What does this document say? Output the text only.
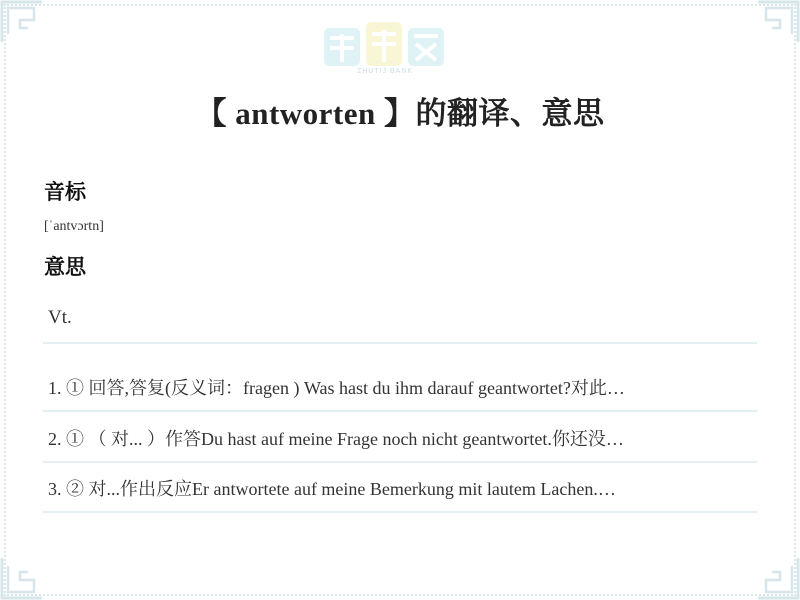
ZHUTIJ BANK
【 antworten 】的翻译、意思
音标
[ˈantvɔrtn]
意思
Vt.
1. ① 回答,答复(反义词：fragen ) Was hast du ihm darauf geantwortet?对此…
2. ① （ 对... ）作答Du hast auf meine Frage noch nicht geantwortet.你还没…
3. ② 对...作出反应Er antwortete auf meine Bemerkung mit lautem Lachen.…
